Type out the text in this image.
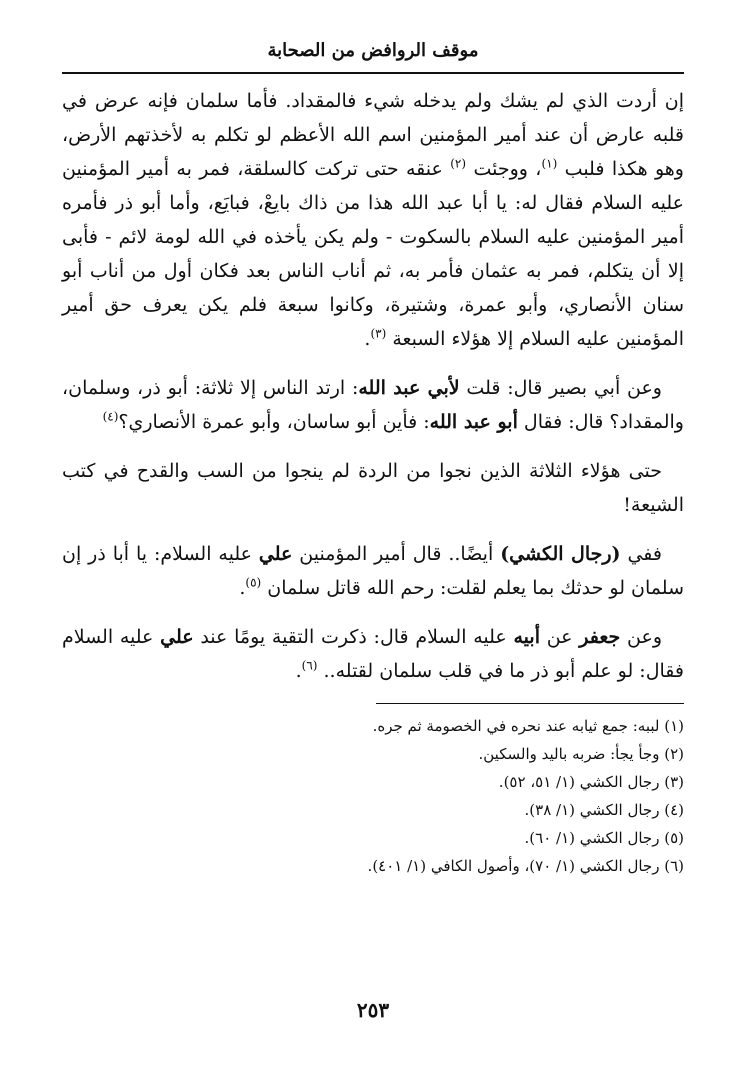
موقف الروافض من الصحابة

إن أردت الذي لم يشك ولم يدخله شيء فالمقداد. فأما سلمان فإنه عرض في قلبه عارض أن عند أمير المؤمنين اسم الله الأعظم لو تكلم به لأخذتهم الأرض، وهو هكذا فلبب $^{(١)}$، ووجئت $^{(٢)}$ عنقه حتى تركت كالسلقة، فمر به أمير المؤمنين عليه السلام فقال له: يا أبا عبد الله هذا من ذاك بايعْ، فبايَع، وأما أبو ذر فأمره أمير المؤمنين عليه السلام بالسكوت - ولم يكن يأخذه في الله لومة لائم - فأبى إلا أن يتكلم، فمر به عثمان فأمر به، ثم أناب الناس بعد فكان أول من أناب أبو سنان الأنصاري، وأبو عمرة، وشتيرة، وكانوا سبعة فلم يكن يعرف حق أمير المؤمنين عليه السلام إلا هؤلاء السبعة $^{(٣)}$.

وعن أبي بصير قال: قلت لأبي عبد الله: ارتد الناس إلا ثلاثة: أبو ذر، وسلمان، والمقداد؟ قال: فقال أبو عبد الله: فأين أبو ساسان، وأبو عمرة الأنصاري؟$^{(٤)}$

حتى هؤلاء الثلاثة الذين نجوا من الردة لم ينجوا من السب والقدح في كتب الشيعة!

ففي (رجال الكشي) أيضًا.. قال أمير المؤمنين علي عليه السلام: يا أبا ذر إن سلمان لو حدثك بما يعلم لقلت: رحم الله قاتل سلمان $^{(٥)}$.

وعن جعفر عن أبيه عليه السلام قال: ذكرت التقية يومًا عند علي عليه السلام فقال: لو علم أبو ذر ما في قلب سلمان لقتله.. $^{(٦)}$.

(١) لببه: جمع ثيابه عند نحره في الخصومة ثم جره.
(٢) وجأ يجأ: ضربه باليد والسكين.
(٣) رجال الكشي (١/ ٥١، ٥٢).
(٤) رجال الكشي (١/ ٣٨).
(٥) رجال الكشي (١/ ٦٠).
(٦) رجال الكشي (١/ ٧٠)، وأصول الكافي (١/ ٤٠١).
٢٥٣
